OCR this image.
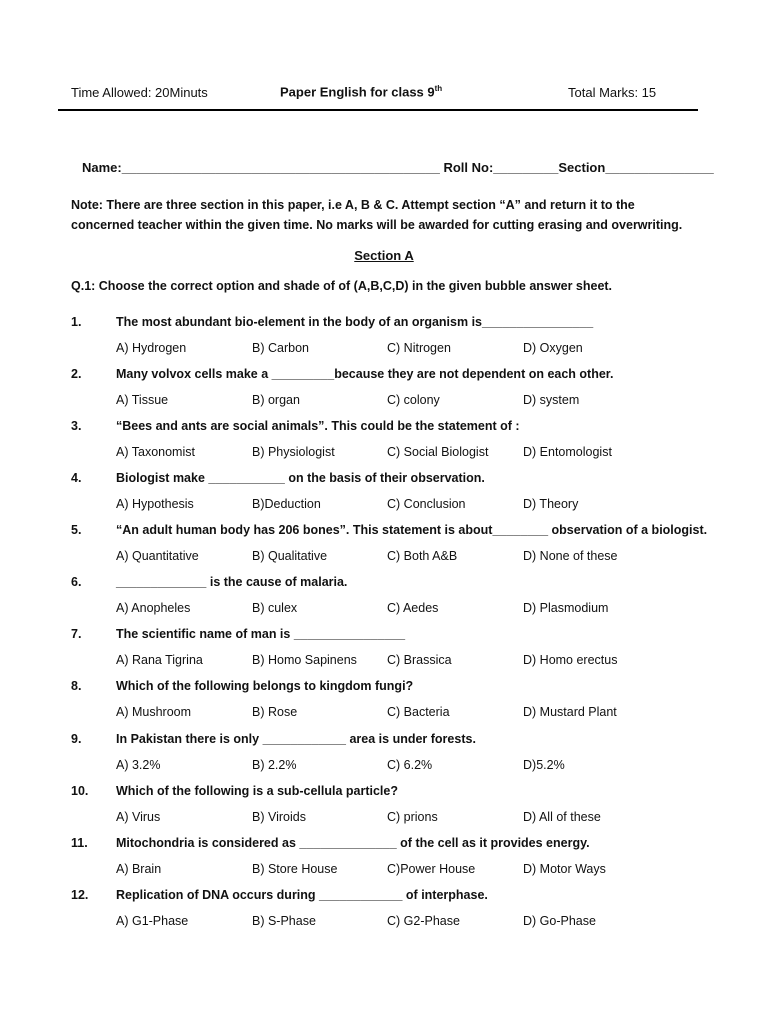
Time Allowed: 20Minuts	Paper English for class 9th	Total Marks: 15
Name:____________________________________________ Roll No:_________Section_______________
Note: There are three section in this paper, i.e A, B & C. Attempt section “A” and return it to the concerned teacher within the given time. No marks will be awarded for cutting erasing and overwriting.
Section A
Q.1: Choose the correct option and shade of of (A,B,C,D) in the given bubble answer sheet.
1.	The most abundant bio-element in the body of an organism is________________
A) Hydrogen	B) Carbon	C) Nitrogen	D) Oxygen
2.	Many volvox cells make a _________because they are not dependent on each other.
A) Tissue	B) organ	C) colony	D) system
3.	“Bees and ants are social animals”. This could be the statement of :
A) Taxonomist	B) Physiologist	C) Social Biologist	D) Entomologist
4.	Biologist make ___________ on the basis of their observation.
A) Hypothesis	B)Deduction	C) Conclusion	D) Theory
5.	“An adult human body has 206 bones”. This statement is about________ observation of a biologist.
A) Quantitative	B) Qualitative	C) Both A&B	D) None of these
6.	_____________ is the cause of malaria.
A) Anopheles	B) culex	C) Aedes	D) Plasmodium
7.	The scientific name of man is ________________
A) Rana Tigrina	B) Homo Sapinens C) Brassica	D) Homo erectus
8.	Which of the following belongs to kingdom fungi?
A) Mushroom	B) Rose	C) Bacteria	D) Mustard Plant
9.	In Pakistan there is only ____________ area is under forests.
A) 3.2%	B) 2.2%	C) 6.2%	D)5.2%
10. Which of the following is a sub-cellula particle?
A) Virus	B) Viroids	C) prions	D) All of these
11. Mitochondria is considered as ______________ of the cell as it provides energy.
A) Brain	B) Store House	C)Power House	D) Motor Ways
12. Replication of DNA occurs during ____________ of interphase.
A) G1-Phase	B) S-Phase	C) G2-Phase	D) Go-Phase
